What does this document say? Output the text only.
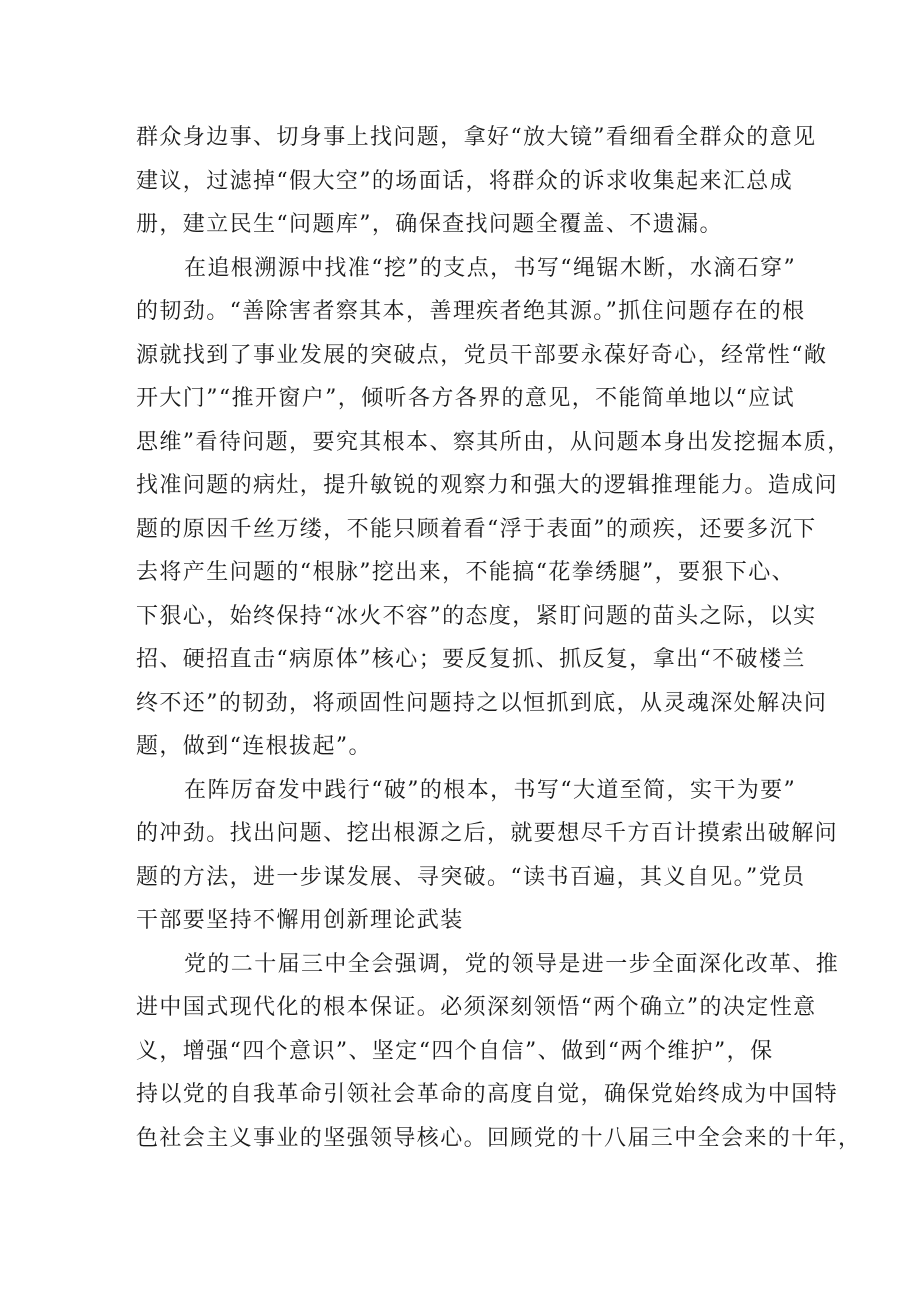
群众身边事、切身事上找问题，拿好“放大镜”看细看全群众的意见
建议，过滤掉“假大空”的场面话，将群众的诉求收集起来汇总成
册，建立民生“问题库”，确保查找问题全覆盖、不遗漏。
在追根溯源中找准“挖”的支点，书写“绳锯木断，水滴石穿”
的韧劲。“善除害者察其本，善理疾者绝其源。”抓住问题存在的根
源就找到了事业发展的突破点，党员干部要永葆好奇心，经常性“敞
开大门”“推开窗户”，倾听各方各界的意见，不能简单地以“应试
思维”看待问题，要究其根本、察其所由，从问题本身出发挖掘本质，
找准问题的病灶，提升敏锐的观察力和强大的逻辑推理能力。造成问
题的原因千丝万缕，不能只顾着看“浮于表面”的顽疾，还要多沉下
去将产生问题的“根脉”挖出来，不能搞“花拳绣腿”，要狠下心、
下狠心，始终保持“冰火不容”的态度，紧盯问题的苗头之际，以实
招、硬招直击“病原体”核心；要反复抓、抓反复，拿出“不破楼兰
终不还”的韧劲，将顽固性问题持之以恒抓到底，从灵魂深处解决问
题，做到“连根拔起”。
在阵厉奋发中践行“破”的根本，书写“大道至简，实干为要”
的冲劲。找出问题、挖出根源之后，就要想尽千方百计摸索出破解问
题的方法，进一步谋发展、寻突破。“读书百遍，其义自见。”党员
干部要坚持不懈用创新理论武装
党的二十届三中全会强调，党的领导是进一步全面深化改革、推
进中国式现代化的根本保证。必须深刻领悟“两个确立”的决定性意
义，增强“四个意识”、坚定“四个自信”、做到“两个维护”，保
持以党的自我革命引领社会革命的高度自觉，确保党始终成为中国特
色社会主义事业的坚强领导核心。回顾党的十八届三中全会来的十年，
